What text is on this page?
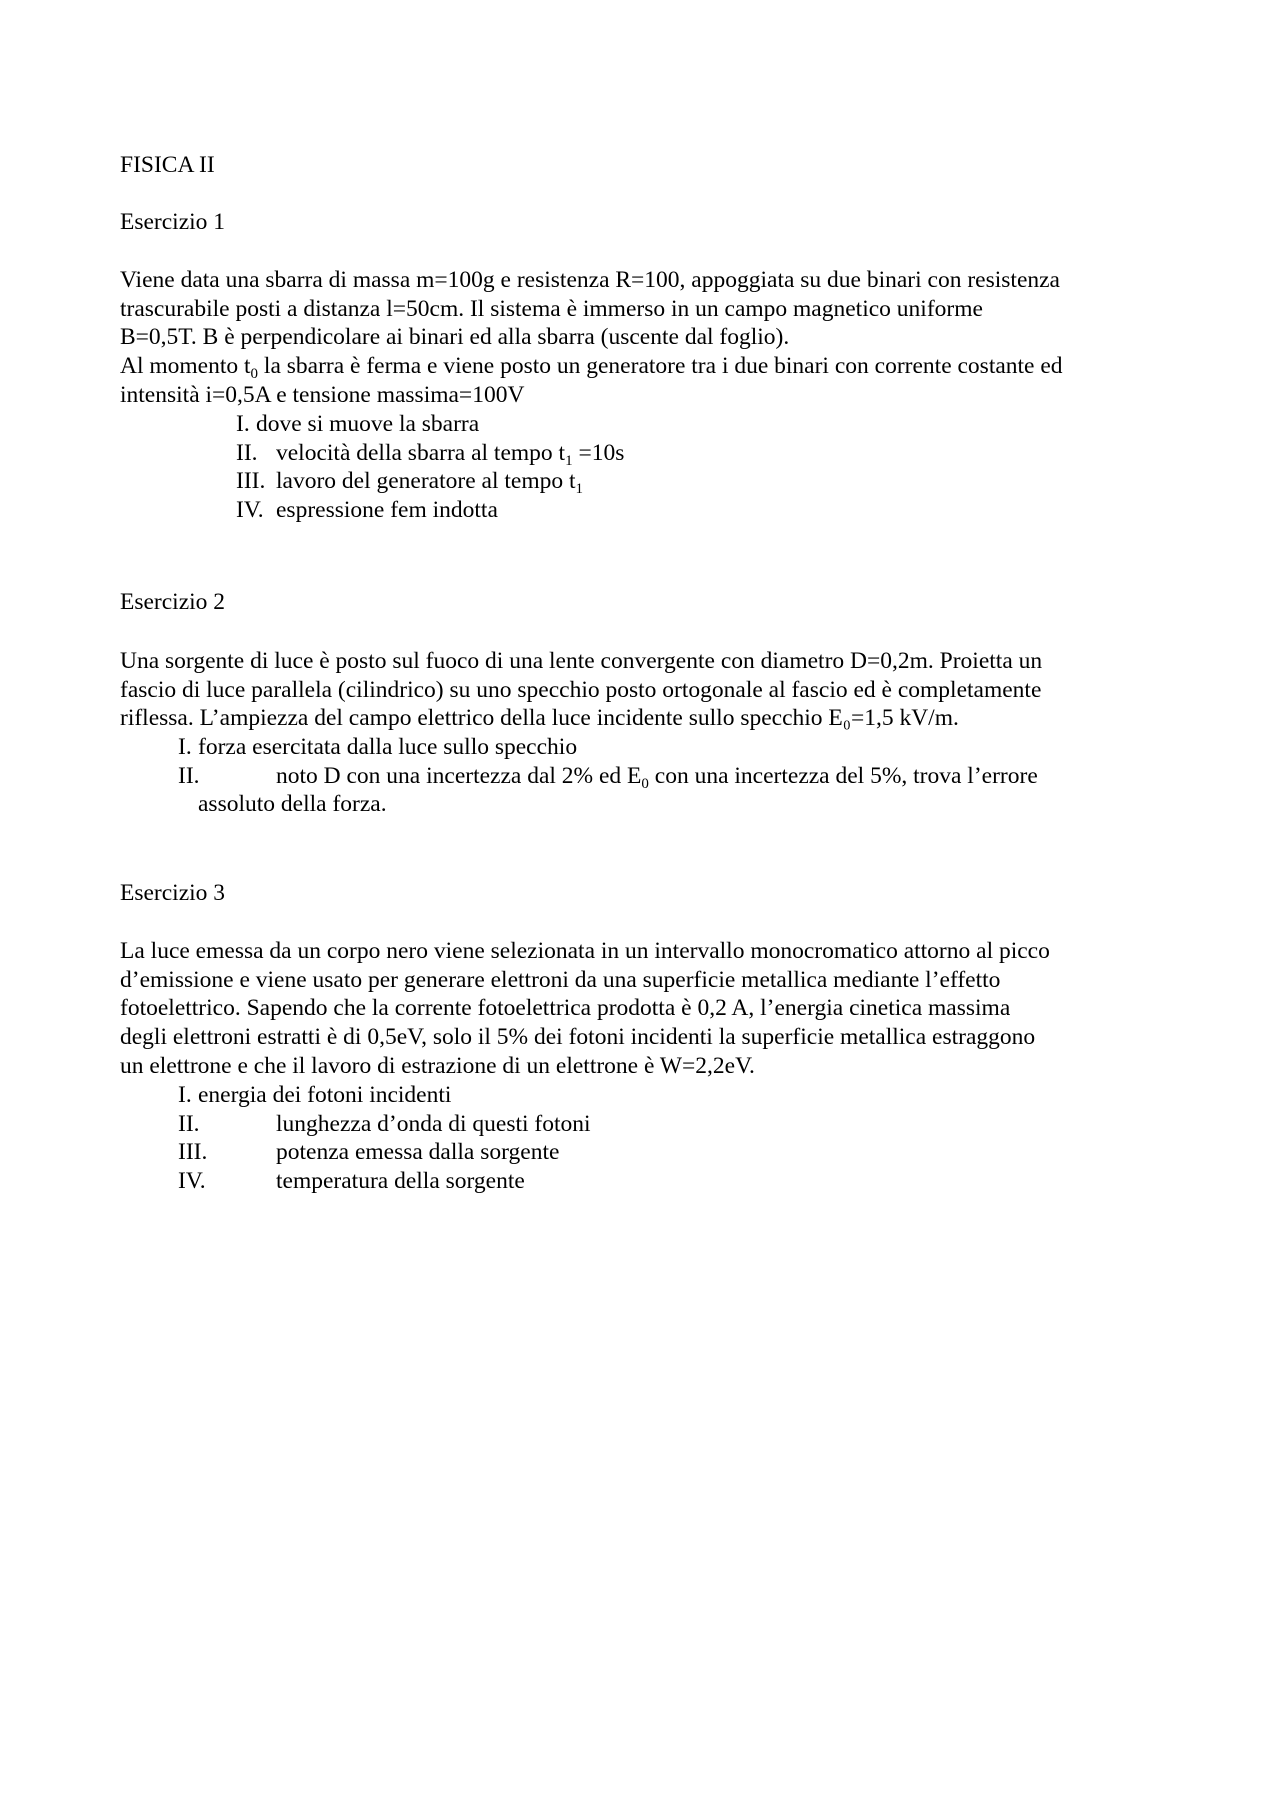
FISICA II

Esercizio 1

Viene data una sbarra di massa m=100g e resistenza R=100, appoggiata su due binari con resistenza

trascurabile posti a distanza l=50cm. Il sistema è immerso in un campo magnetico uniforme

B=0,5T. B è perpendicolare ai binari ed alla sbarra (uscente dal foglio).

Al momento $t_0$ la sbarra è ferma e viene posto un generatore tra i due binari con corrente costante ed

intensità i=0,5A e tensione massima=100V

I. dove si muove la sbarra
II. velocità della sbarra al tempo $t_1 =10s$
III. lavoro del generatore al tempo $t_1$
IV. espressione fem indotta

Esercizio 2

Una sorgente di luce è posto sul fuoco di una lente convergente con diametro D=0,2m. Proietta un

fascio di luce parallela (cilindrico) su uno specchio posto ortogonale al fascio ed è completamente

riflessa. L’ampiezza del campo elettrico della luce incidente sullo specchio E₀=1,5 kV/m.

I. forza esercitata dalla luce sullo specchio
II.	noto D con una incertezza dal 2% ed $E_0$ con una incertezza del 5%, trova l’errore
assoluto della forza.

Esercizio 3

La luce emessa da un corpo nero viene selezionata in un intervallo monocromatico attorno al picco

d’emissione e viene usato per generare elettroni da una superficie metallica mediante l’effetto

fotoelettrico. Sapendo che la corrente fotoelettrica prodotta è 0,2 A, l’energia cinetica massima

degli elettroni estratti è di 0,5eV, solo il 5% dei fotoni incidenti la superficie metallica estraggono

un elettrone e che il lavoro di estrazione di un elettrone è W=2,2eV.

I. energia dei fotoni incidenti
II.	lunghezza d’onda di questi fotoni
III.	potenza emessa dalla sorgente
IV.	temperatura della sorgente
